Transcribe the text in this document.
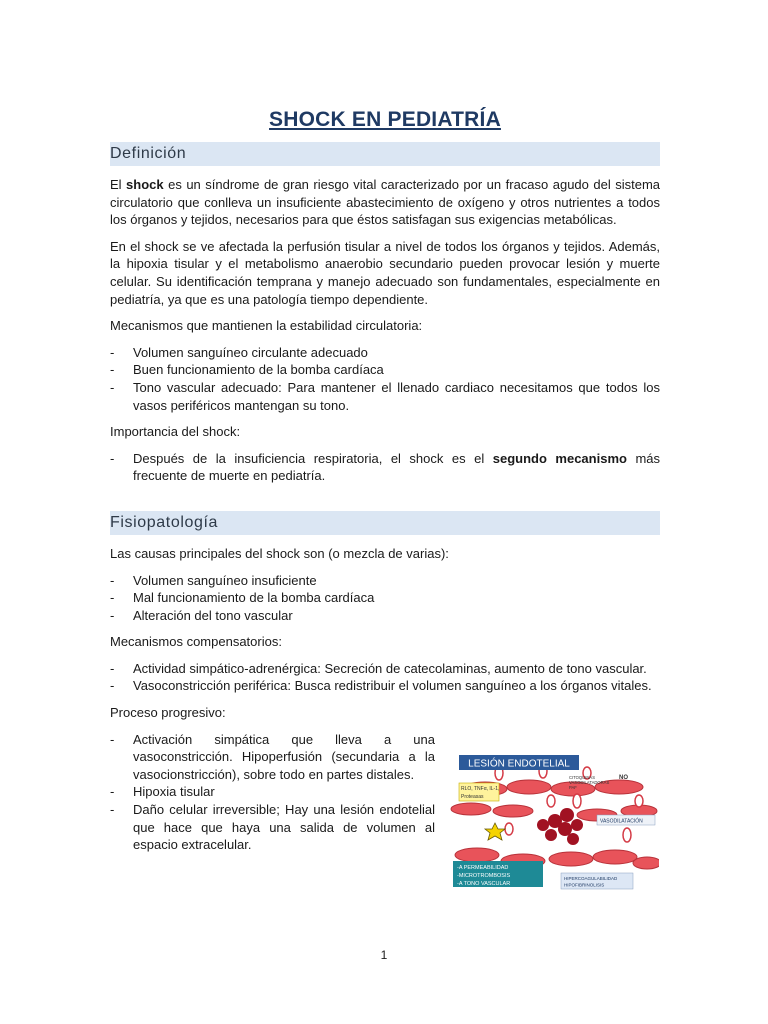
SHOCK EN PEDIATRÍA
Definición

El shock es un síndrome de gran riesgo vital caracterizado por un fracaso agudo del sistema circulatorio que conlleva un insuficiente abastecimiento de oxígeno y otros nutrientes a todos los órganos y tejidos, necesarios para que éstos satisfagan sus exigencias metabólicas.

En el shock se ve afectada la perfusión tisular a nivel de todos los órganos y tejidos. Además, la hipoxia tisular y el metabolismo anaerobio secundario pueden provocar lesión y muerte celular. Su identificación temprana y manejo adecuado son fundamentales, especialmente en pediatría, ya que es una patología tiempo dependiente.

Mecanismos que mantienen la estabilidad circulatoria:

- Volumen sanguíneo circulante adecuado
- Buen funcionamiento de la bomba cardíaca
- Tono vascular adecuado: Para mantener el llenado cardiaco necesitamos que todos los vasos periféricos mantengan su tono.

Importancia del shock:

- Después de la insuficiencia respiratoria, el shock es el segundo mecanismo más frecuente de muerte en pediatría.
Fisiopatología

Las causas principales del shock son (o mezcla de varias):

- Volumen sanguíneo insuficiente
- Mal funcionamiento de la bomba cardíaca
- Alteración del tono vascular

Mecanismos compensatorios:

- Actividad simpático-adrenérgica: Secreción de catecolaminas, aumento de tono vascular.
- Vasoconstricción periférica: Busca redistribuir el volumen sanguíneo a los órganos vitales.

Proceso progresivo:

- Activación simpática que lleva a una vasoconstricción. Hipoperfusión (secundaria a la vasocionstricción), sobre todo en partes distales.
- Hipoxia tisular
- Daño celular irreversible; Hay una lesión endotelial que hace que haya una salida de volumen al espacio extracelular.
LESIÓN ENDOTELIAL
RLO, TNFα, IL-1,
Proteasas
CITOQUINAS
VASODILATADORAS
PAF
NO
VASODILATACIÓN
-A PERMEABILIDAD
-MICROTROMBOSIS
-A TONO VASCULAR
HIPERCOAGULABILIDAD
HIPOFIBRINOLISIS
1
